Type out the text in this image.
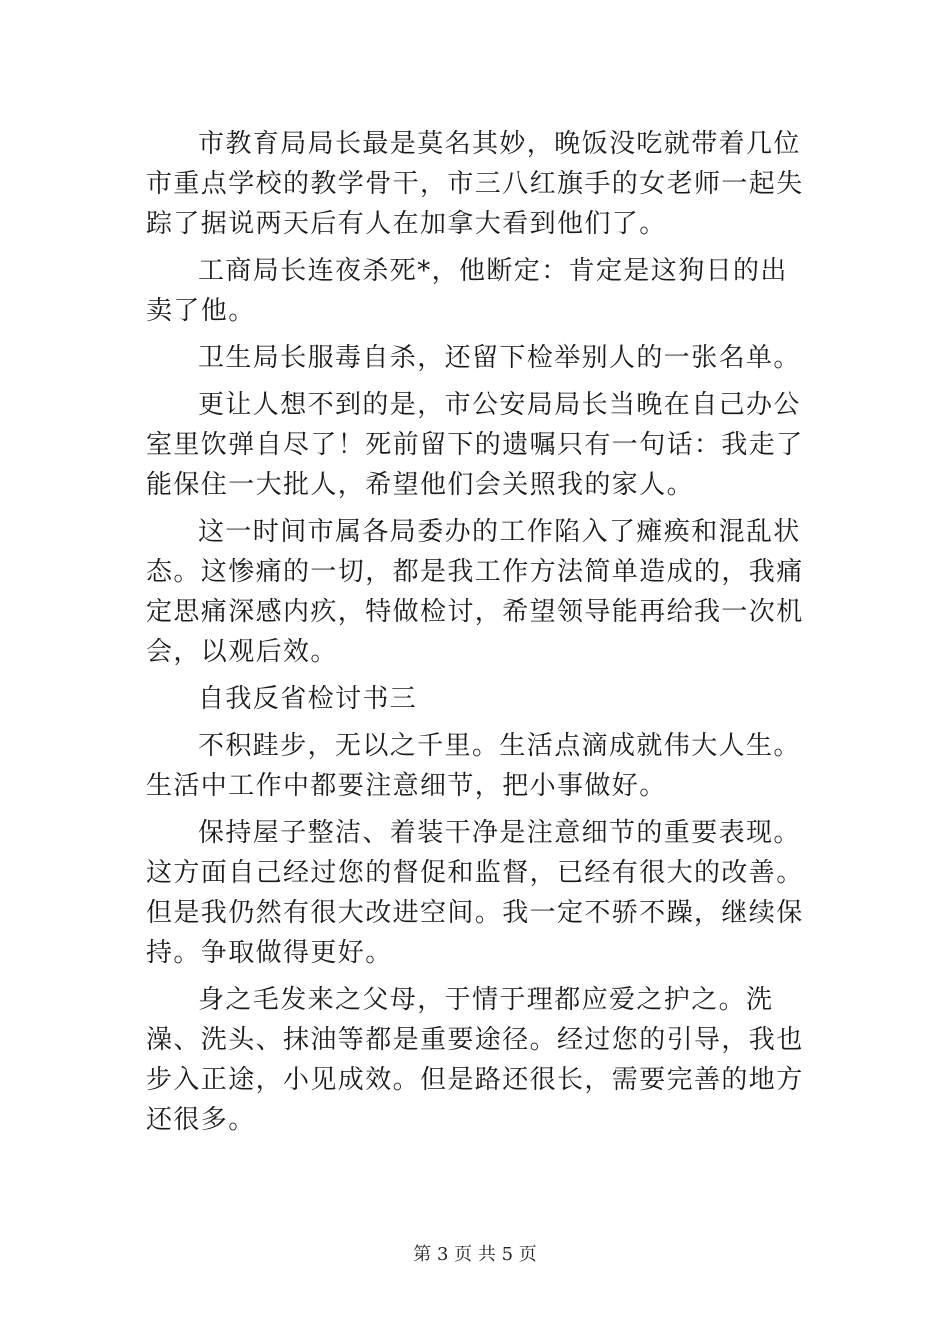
市教育局局长最是莫名其妙，晚饭没吃就带着几位市重点学校的教学骨干，市三八红旗手的女老师一起失踪了据说两天后有人在加拿大看到他们了。

工商局长连夜杀死*，他断定：肯定是这狗日的出卖了他。

卫生局长服毒自杀，还留下检举别人的一张名单。

更让人想不到的是，市公安局局长当晚在自己办公室里饮弹自尽了！死前留下的遗嘱只有一句话：我走了能保住一大批人，希望他们会关照我的家人。

这一时间市属各局委办的工作陷入了瘫痪和混乱状态。这惨痛的一切，都是我工作方法简单造成的，我痛定思痛深感内疚，特做检讨，希望领导能再给我一次机会，以观后效。

自我反省检讨书三

不积跬步，无以之千里。生活点滴成就伟大人生。生活中工作中都要注意细节，把小事做好。

保持屋子整洁、着装干净是注意细节的重要表现。这方面自己经过您的督促和监督，已经有很大的改善。但是我仍然有很大改进空间。我一定不骄不躁，继续保持。争取做得更好。

身之毛发来之父母，于情于理都应爱之护之。洗澡、洗头、抹油等都是重要途径。经过您的引导，我也步入正途，小见成效。但是路还很长，需要完善的地方还很多。

第 3 页 共 5 页
